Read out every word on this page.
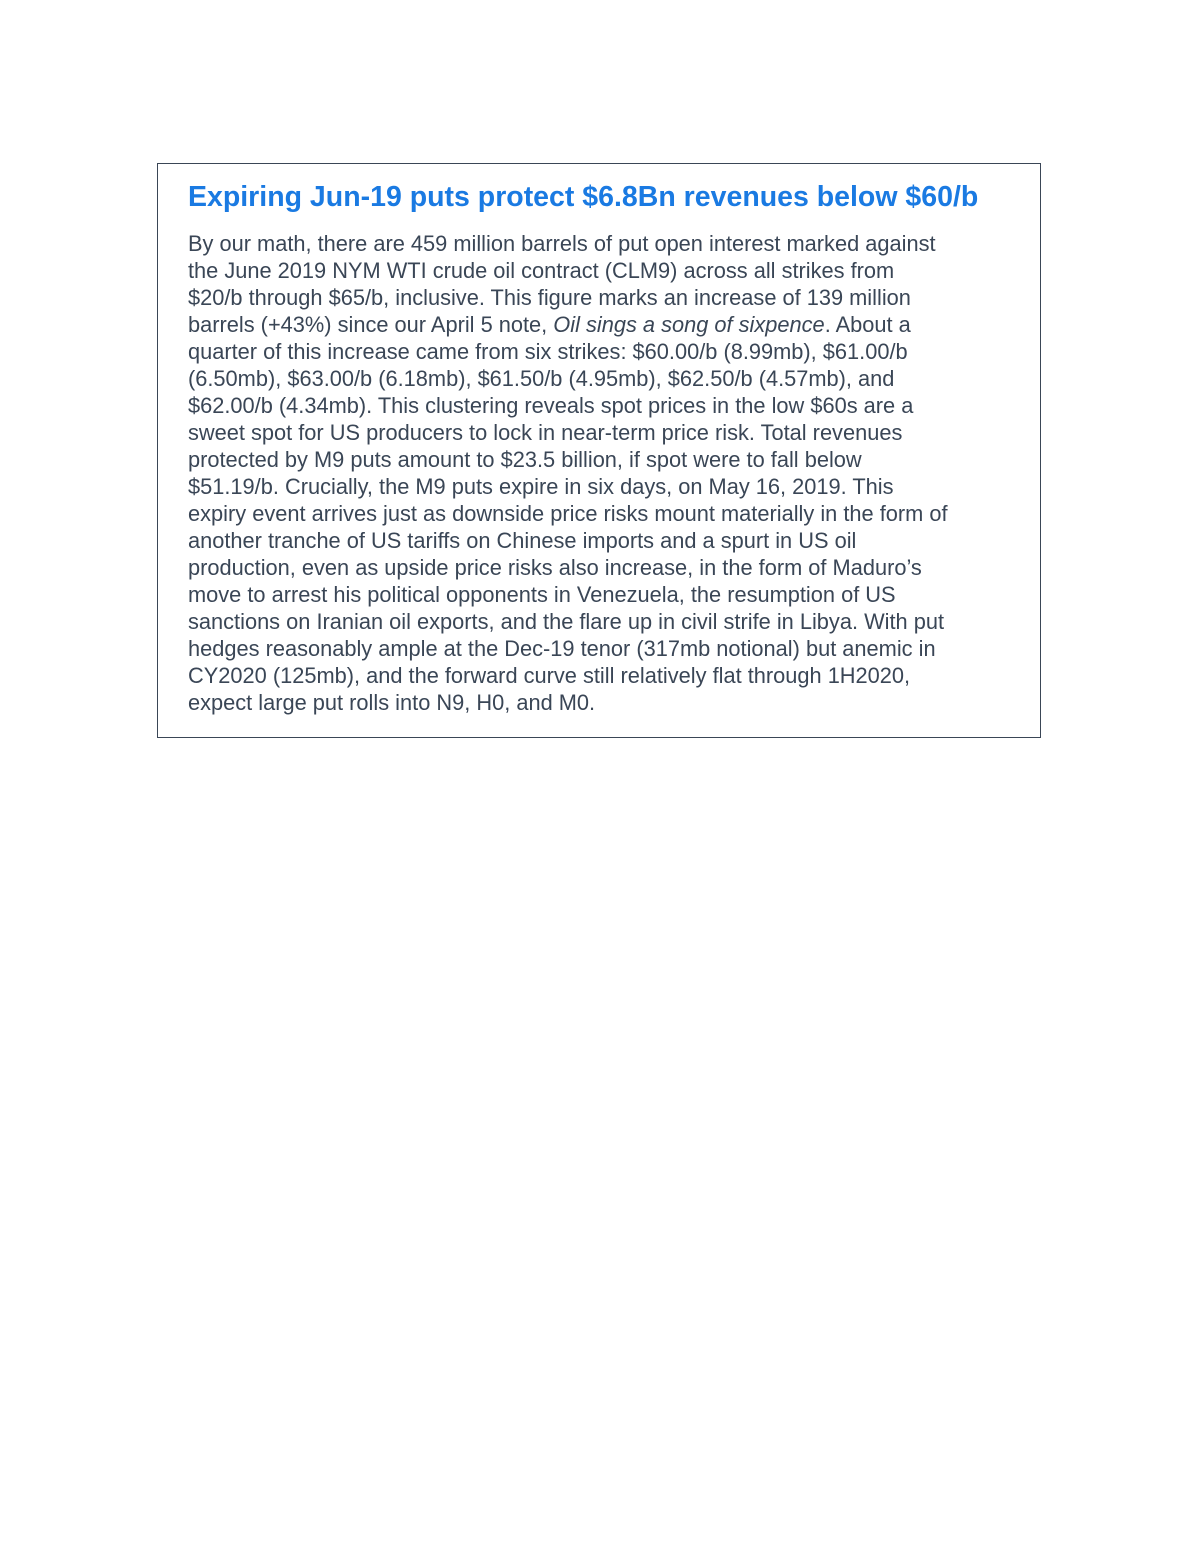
Expiring Jun-19 puts protect $6.8Bn revenues below $60/b

By our math, there are 459 million barrels of put open interest marked against
the June 2019 NYM WTI crude oil contract (CLM9) across all strikes from
$20/b through $65/b, inclusive. This figure marks an increase of 139 million
barrels (+43%) since our April 5 note, Oil sings a song of sixpence. About a
quarter of this increase came from six strikes: $60.00/b (8.99mb), $61.00/b
(6.50mb), $63.00/b (6.18mb), $61.50/b (4.95mb), $62.50/b (4.57mb), and
$62.00/b (4.34mb). This clustering reveals spot prices in the low $60s are a
sweet spot for US producers to lock in near-term price risk. Total revenues
protected by M9 puts amount to $23.5 billion, if spot were to fall below
$51.19/b. Crucially, the M9 puts expire in six days, on May 16, 2019. This
expiry event arrives just as downside price risks mount materially in the form of
another tranche of US tariffs on Chinese imports and a spurt in US oil
production, even as upside price risks also increase, in the form of Maduro’s
move to arrest his political opponents in Venezuela, the resumption of US
sanctions on Iranian oil exports, and the flare up in civil strife in Libya. With put
hedges reasonably ample at the Dec-19 tenor (317mb notional) but anemic in
CY2020 (125mb), and the forward curve still relatively flat through 1H2020,
expect large put rolls into N9, H0, and M0.
